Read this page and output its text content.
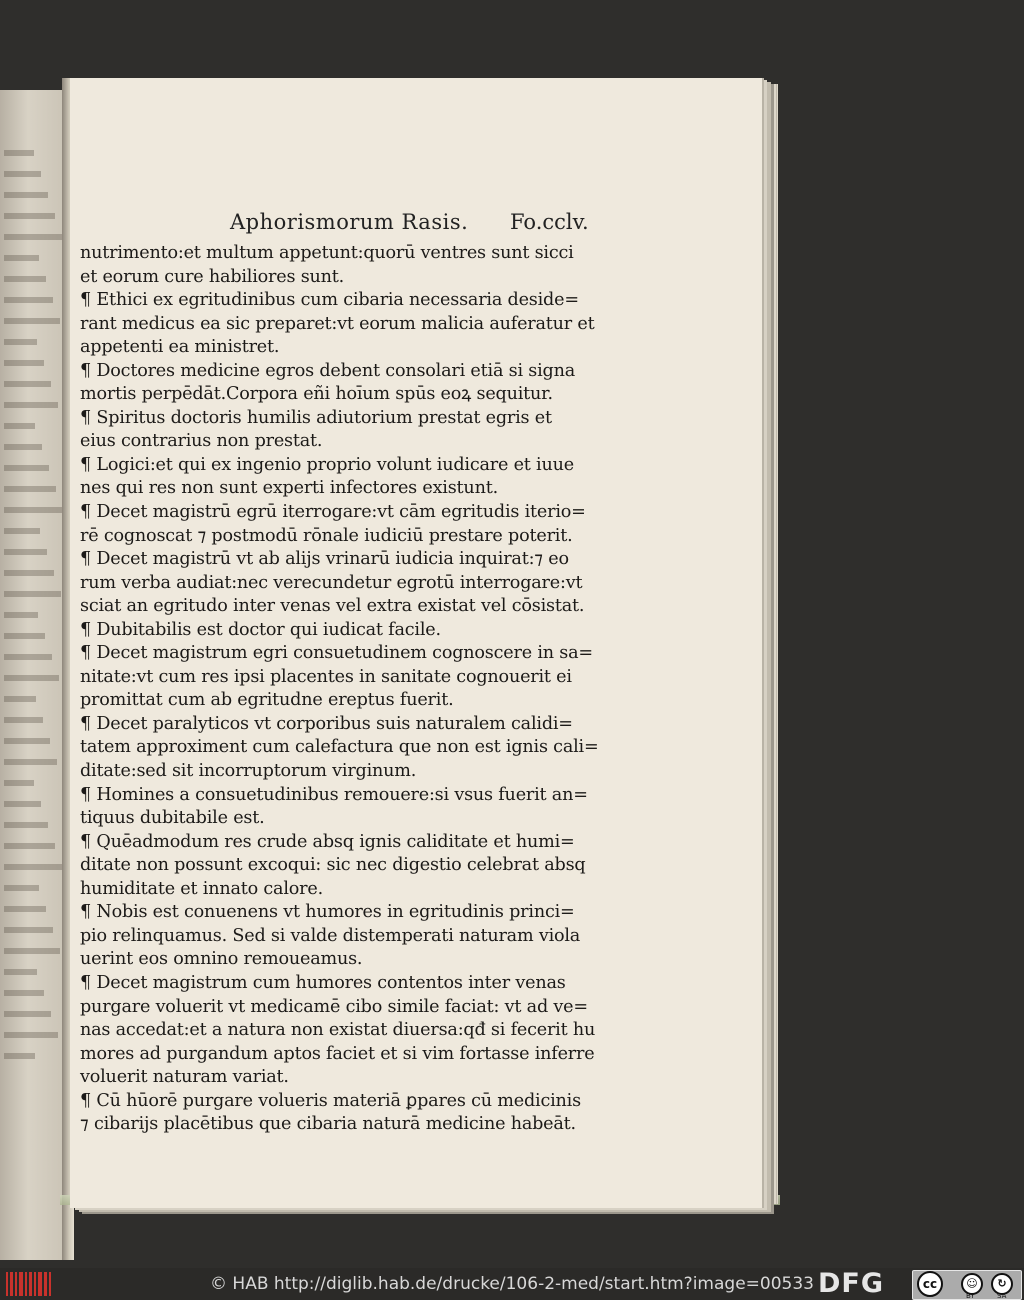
Aphorismorum Rasis. Fo.cclv.
nutrimento:et multum appetunt:quorū ventres sunt sicci
et eorum cure habiliores sunt.
¶ Ethici ex egritudinibus cum cibaria necessaria deside=
rant medicus ea sic preparet:vt eorum malicia auferatur et
appetenti ea ministret.
¶ Doctores medicine egros debent consolari etiā si signa
mortis perpēdāt.Corpora eñi hoīum spūs eoꝝ sequitur.
¶ Spiritus doctoris humilis adiutorium prestat egris et
eius contrarius non prestat.
¶ Logici:et qui ex ingenio proprio volunt iudicare et iuue
nes qui res non sunt experti infectores existunt.
¶ Decet magistrū egrū iterrogare:vt cām egritudis iterio=
rē cognoscat ⁊ postmodū rōnale iudiciū prestare poterit.
¶ Decet magistrū vt ab alijs vrinarū iudicia inquirat:⁊ eo
rum verba audiat:nec verecundetur egrotū interrogare:vt
sciat an egritudo inter venas vel extra existat vel cōsistat.
¶ Dubitabilis est doctor qui iudicat facile.
¶ Decet magistrum egri consuetudinem cognoscere in sa=
nitate:vt cum res ipsi placentes in sanitate cognouerit ei
promittat cum ab egritudne ereptus fuerit.
¶ Decet paralyticos vt corporibus suis naturalem calidi=
tatem approximent cum calefactura que non est ignis cali=
ditate:sed sit incorruptorum virginum.
¶ Homines a consuetudinibus remouere:si vsus fuerit an=
tiquus dubitabile est.
¶ Quēadmodum res crude absq ignis caliditate et humi=
ditate non possunt excoqui: sic nec digestio celebrat absq
humiditate et innato calore.
¶ Nobis est conuenens vt humores in egritudinis princi=
pio relinquamus. Sed si valde distemperati naturam viola
uerint eos omnino remoueamus.
¶ Decet magistrum cum humores contentos inter venas
purgare voluerit vt medicamē cibo simile faciat: vt ad ve=
nas accedat:et a natura non existat diuersa:qđ si fecerit hu
mores ad purgandum aptos faciet et si vim fortasse inferre
voluerit naturam variat.
¶ Cū hūorē purgare volueris materiā ꝑpares cū medicinis
⁊ cibarijs placētibus que cibaria naturā medicine habeāt.
© HAB http://diglib.hab.de/drucke/106-2-med/start.htm?image=00533 DFG	cc	☺	↻
BY	SA
